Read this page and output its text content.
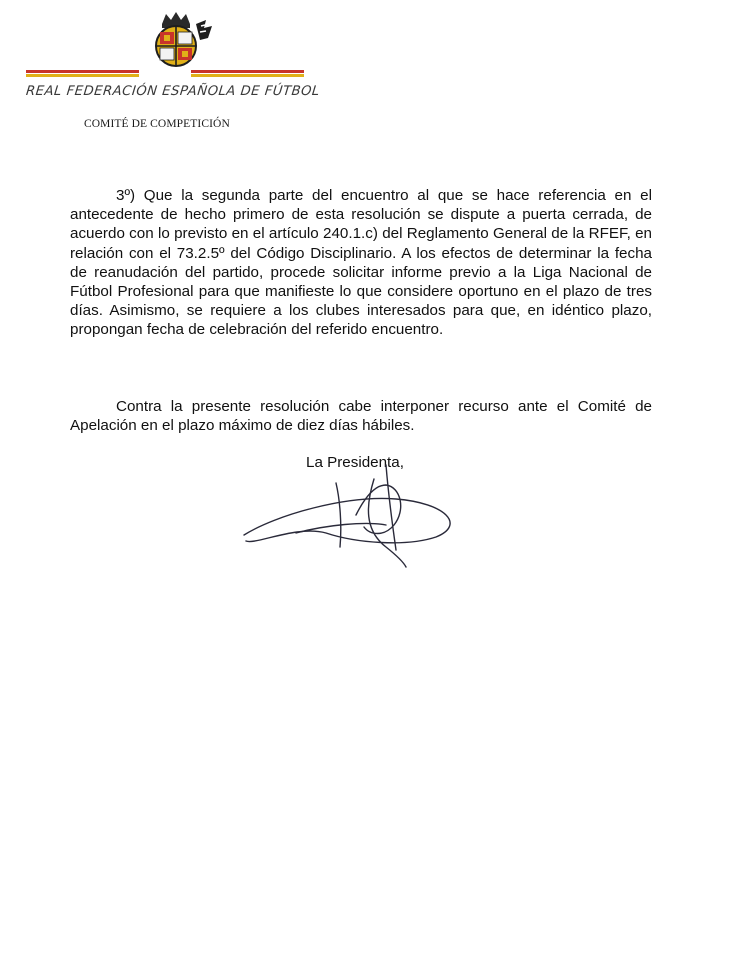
REAL FEDERACIÓN ESPAÑOLA DE FÚTBOL
COMITÉ DE COMPETICIÓN

3º) Que la segunda parte del encuentro al que se hace referencia en el antecedente de hecho primero de esta resolución se dispute a puerta cerrada, de acuerdo con lo previsto en el artículo 240.1.c) del Reglamento General de la RFEF, en relación con el 73.2.5º del Código Disciplinario. A los efectos de determinar la fecha de reanudación del partido, procede solicitar informe previo a la Liga Nacional de Fútbol Profesional para que manifieste lo que considere oportuno en el plazo de tres días. Asimismo, se requiere a los clubes interesados para que, en idéntico plazo, propongan fecha de celebración del referido encuentro.

Contra la presente resolución cabe interponer recurso ante el Comité de Apelación en el plazo máximo de diez días hábiles.

La Presidenta,
